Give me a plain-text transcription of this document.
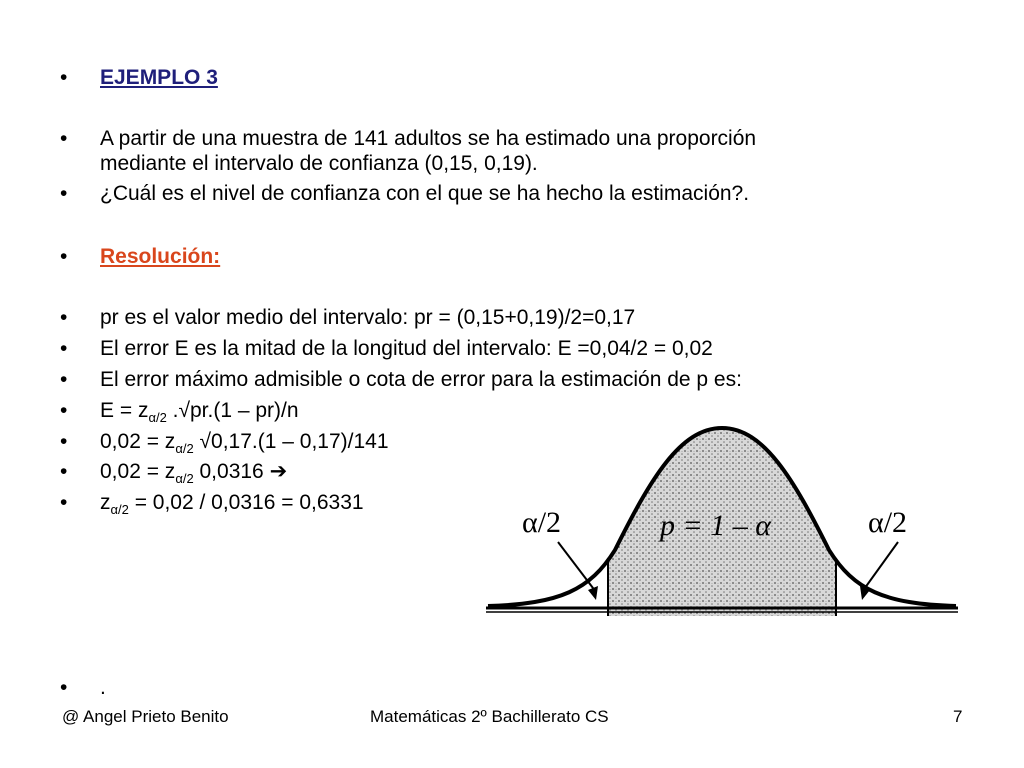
•
•
•
•
•
•
•
•
•
•
•
•
EJEMPLO 3
A partir de una muestra de 141 adultos se ha estimado una proporción
mediante el intervalo de confianza (0,15, 0,19).
¿Cuál es el nivel de confianza con el que se ha hecho la estimación?.
Resolución:
pr es el valor medio del intervalo: pr = (0,15+0,19)/2=0,17
El error E es la mitad de la longitud del intervalo: E =0,04/2 = 0,02
El error máximo admisible o cota de error para la estimación de p es:
$E = z_{\alpha/2}$ .√pr.(1 – pr)/n
$0,02 = z_{\alpha/2}$ √0,17.(1 – 0,17)/141
$0,02 = z_{\alpha/2}$ 0,0316 ➔
$z_{\alpha/2} = 0,02 / 0,0316 = 0,6331$
.
α/2	p = 1 – α	α/2
@ Angel Prieto Benito	Matemáticas 2º Bachillerato CS	7
